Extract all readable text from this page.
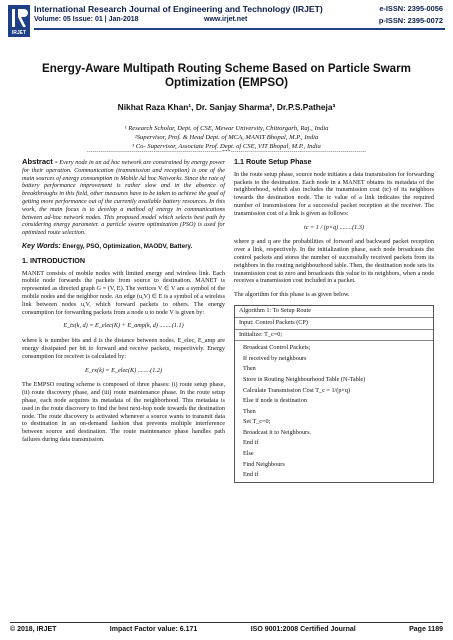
IRJET
International Research Journal of Engineering and Technology (IRJET)	e-ISSN: 2395-0056
Volume: 05 Issue: 01 | Jan-2018	www.irjet.net	p-ISSN: 2395-0072
Energy-Aware Multipath Routing Scheme Based on Particle Swarm Optimization (EMPSO)
Nikhat Raza Khan¹, Dr. Sanjay Sharma², Dr.P.S.Patheja³
¹ Research Scholar, Dept. of CSE, Mewar University, Chittorgarh, Raj., India
²Supervisor, Prof. & Head Dept. of MCA, MANIT Bhopal, M.P., India
³ Co- Supervisor, Associate Prof. Dept. of CSE, VIT Bhopal, M.P., India
---------------------------------------------------------------------***---------------------------------------------------------------------

Abstract - Every node in an ad hoc network are constrained by energy power for their operation. Communication (transmission and reception) is one of the main sources of energy consumption in Mobile Ad hoc Networks. Since the rate of battery performance improvement is rather slow and in the absence of breakthroughs in this field, other measures have to be taken to achieve the goal of getting more performance out of the currently available battery resources. In this work, the main focus is to develop a method of energy in communications between ad-hoc network nodes. This proposed model which selects best path by considering energy parameter. a particle swarm optimization (PSO) is used for optimized route selection.

Key Words: Energy, PSO, Optimization, MAODV, Battery.

1. INTRODUCTION

MANET consists of mobile nodes with limited energy and wireless link. Each mobile node forwards the packets from source to destination. MANET is represented as directed graph G = (V, E). The vertices V ∈ V are a symbol of the mobile nodes and the neighbor node. An edge (u,V) ∈ E is a symbol of a wireless link between nodes u,V, which forward packets to others. The energy consumption for forwarding packets from a node u to node V is given by:

E_tx(k, d) = E_elec(K) + E_amp(k, d) ........(1.1)

where k is number bits and d is the distance between nodes. E_elec, E_amp are energy dissipated per bit to forward and receive packets, respectively. Energy consumption for receiver is calculated by:

E_rx(k) = E_elec(K) ........(1.2)

The EMPSO routing scheme is composed of three phases: (i) route setup phase, (ii) route discovery phase, and (iii) route maintenance phase. In the route setup phase, each node acquires its metadata of the neighborhood. This metadata is used in the route discovery to find the best next-hop node towards the destination node. The route discovery is activated whenever a source wants to transmit data to destination in an on-demand fashion that prevents multiple interference between source and destination. The route maintenance phase handles path failures during data transmission.

1.1 Route Setup Phase

In the route setup phase, source node initiates a data transmission for forwarding packets to the destination. Each node in a MANET obtains its metadata of the neighborhood, which also includes the transmission cost (tc) of its neighbors towards the destination node. The tc value of a link indicates the required number of transmissions for a successful packet reception at the receiver. The transmission cost of a link is given as follows:

tc = 1 / (p×q) ........(1.3)

where p and q are the probabilities of forward and backward packet reception over a link, respectively. In the initialization phase, each node broadcasts the control packets and stores the number of successfully received packets from its neighbors in the routing neighbourhood table. Then, the destination node sets its transmission cost to zero and broadcasts this value to its neighbors, when a node receives a transmission cost included in a packet.

The algorithm for this phase is as given below.

Algorithm 1: To Setup Route
Input: Control Packets (CP)
Initialize: T_c=0;
Broadcast Control Packets;
If received by neighbours
Then
Store in Routing Neighbourhood Table (N-Table)
Calculate Transmission Cost T_c = 1/(p×q)
Else if node is destination
Then
Set T_c=0;
Broadcast it to Neighbours.
End if
Else
Find Neighbours
End if
© 2018, IRJET	Impact Factor value: 6.171	ISO 9001:2008 Certified Journal	Page 1189
